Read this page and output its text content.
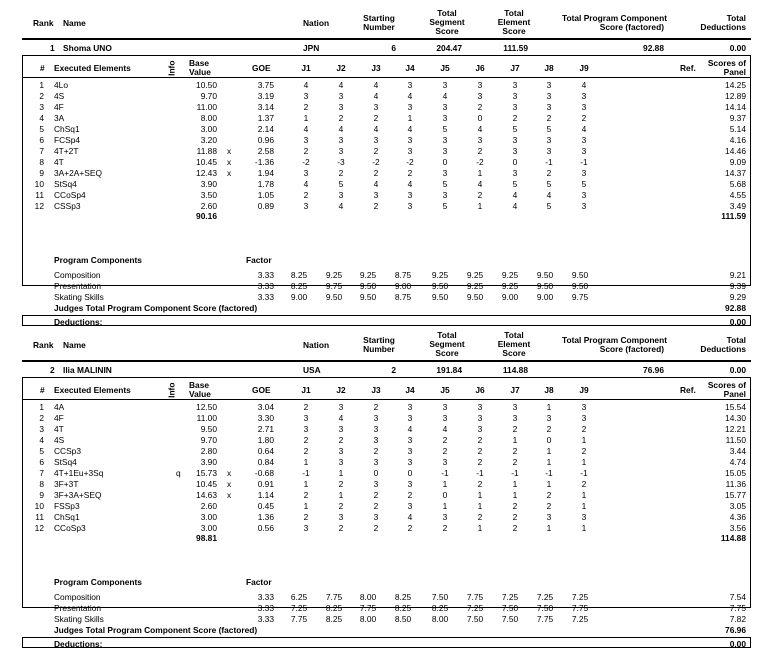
Rank Name	Nation	Starting
Number
Total
Segment
Score
Total
Element
Score
Total Program Component
Score (factored)
Total
Deductions
1 Shoma UNO	JPN	6	204.47	111.59	92.88	0.00
# Executed Elements	Info Base
Value	GOE	J1	J2	J3	J4	J5	J6	J7	J8	J9	Ref. Scores of
Panel
1 4Lo	10.50	3.75	4	4	4	3	3	3	3	3	4	14.25
2 4S	9.70	3.19	3	3	4	4	4	3	3	3	3	12.89
3 4F	11.00	3.14	2	3	3	3	3	2	3	3	3	14.14
4 3A	8.00	1.37	1	2	2	1	3	0	2	2	2	9.37
5 ChSq1	3.00	2.14	4	4	4	4	5	4	5	5	4	5.14
6 FCSp4	3.20	0.96	3	3	3	3	3	3	3	3	3	4.16
7 4T+2T	11.88 x	2.58	2	3	2	3	3	2	3	3	3	14.46
8 4T	10.45 x	-1.36	-2	-3	-2	-2	0	-2	0	-1	-1	9.09
9 3A+2A+SEQ	12.43 x	1.94	3	2	2	2	3	1	3	2	3	14.37
10 StSq4	3.90	1.78	4	5	4	4	5	4	5	5	5	5.68
11 CCoSp4	3.50	1.05	2	3	3	3	3	2	4	4	3	4.55
12 CSSp3	2.60	0.89	3	4	2	3	5	1	4	5	3	3.49
90.16	111.59
Program Components	Factor
Composition	3.33	8.25	9.25	9.25	8.75	9.25	9.25	9.25	9.50	9.50	9.21
Presentation	3.33	8.25	9.75	9.50	9.00	9.50	9.25	9.25	9.50	9.50	9.39
Skating Skills	3.33	9.00	9.50	9.50	8.75	9.50	9.50	9.00	9.00	9.75	9.29
Judges Total Program Component Score (factored)	92.88
Deductions:	0.00
Rank Name	Nation	Starting
Number
Total
Segment
Score
Total
Element
Score
Total Program Component
Score (factored)
Total
Deductions
2 Ilia MALININ	USA	2	191.84	114.88	76.96	0.00
# Executed Elements	Info Base
Value	GOE	J1	J2	J3	J4	J5	J6	J7	J8	J9	Ref. Scores of
Panel
1 4A	12.50	3.04	2	3	2	3	3	3	3	1	3	15.54
2 4F	11.00	3.30	3	4	3	3	3	3	3	3	3	14.30
3 4T	9.50	2.71	3	3	3	4	4	3	2	2	2	12.21
4 4S	9.70	1.80	2	2	3	3	2	2	1	0	1	11.50
5 CCSp3	2.80	0.64	2	3	2	3	2	2	2	1	2	3.44
6 StSq4	3.90	0.84	1	3	3	3	3	2	2	1	1	4.74
7 4T+1Eu+3Sq	q 15.73 x	-0.68	-1	1	0	0	-1	-1	-1	-1	-1	15.05
8 3F+3T	10.45 x	0.91	1	2	3	3	1	2	1	1	2	11.36
9 3F+3A+SEQ	14.63 x	1.14	2	1	2	2	0	1	1	2	1	15.77
10 FSSp3	2.60	0.45	1	2	2	3	1	1	2	2	1	3.05
11 ChSq1	3.00	1.36	2	3	3	4	3	2	2	3	3	4.36
12 CCoSp3	3.00	0.56	3	2	2	2	2	1	2	1	1	3.56
98.81	114.88
Program Components	Factor
Composition	3.33	6.25	7.75	8.00	8.25	7.50	7.75	7.25	7.25	7.25	7.54
Presentation	3.33	7.25	8.25	7.75	8.25	8.25	7.25	7.50	7.50	7.75	7.75
Skating Skills	3.33	7.75	8.25	8.00	8.50	8.00	7.50	7.50	7.75	7.25	7.82
Judges Total Program Component Score (factored)	76.96
Deductions:	0.00
